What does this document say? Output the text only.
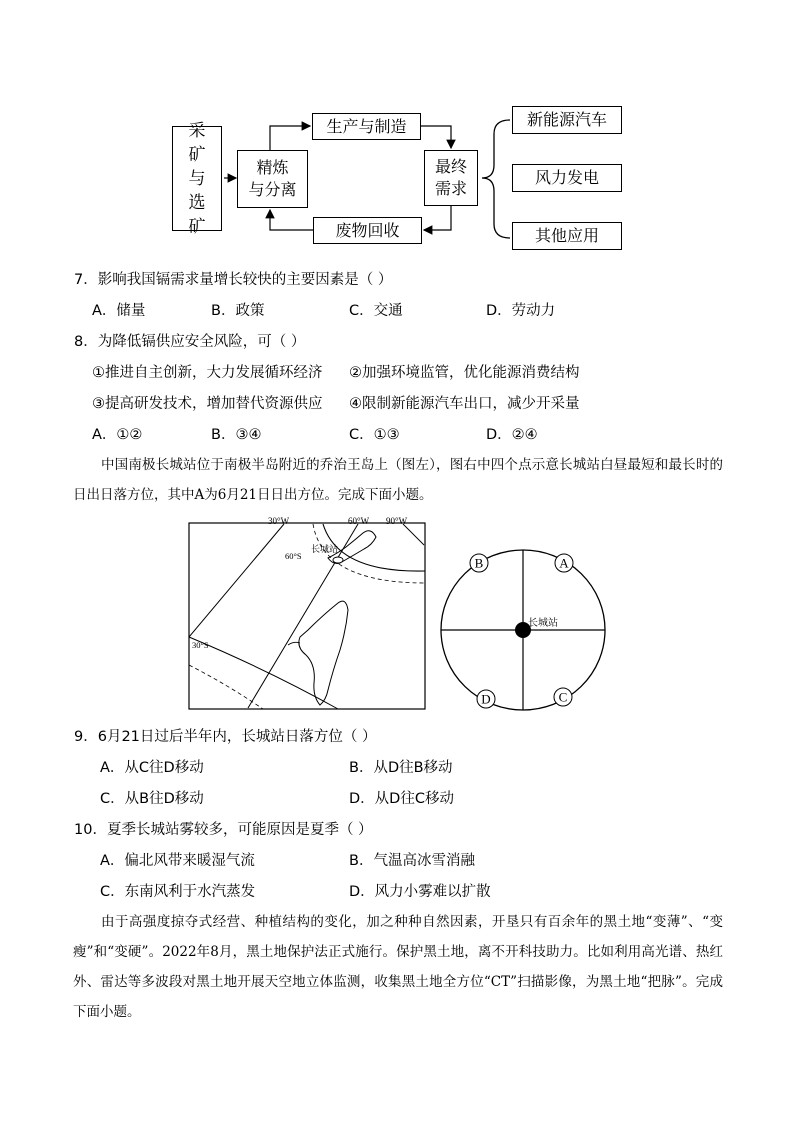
采矿与选矿
精炼
与分离
生产与制造
废物回收
最终
需求
新能源汽车
风力发电
其他应用
7．影响我国镉需求量增长较快的主要因素是（ ）
A．储量	B．政策	C．交通	D．劳动力
8．为降低镉供应安全风险，可（ ）
①推进自主创新，大力发展循环经济 ②加强环境监管，优化能源消费结构
③提高研发技术，增加替代资源供应 ④限制新能源汽车出口，减少开采量
A．①②	B．③④	C．①③	D．②④
中国南极长城站位于南极半岛附近的乔治王岛上（图左），图右中四个点示意长城站白昼最短和最长时的日出日落方位，其中A为6月21日日出方位。完成下面小题。
30°W	60°W 90°W
60°S
30°S
长城站
长城站
B	A
D	C
9．6月21日过后半年内，长城站日落方位（ ）
A．从C往D移动	B．从D往B移动
C．从B往D移动	D．从D往C移动
10．夏季长城站雾较多，可能原因是夏季（ ）
A．偏北风带来暖湿气流	B．气温高冰雪消融
C．东南风利于水汽蒸发	D．风力小雾难以扩散
由于高强度掠夺式经营、种植结构的变化，加之种种自然因素，开垦只有百余年的黑土地“变薄”、“变瘦”和“变硬”。2022年8月，黑土地保护法正式施行。保护黑土地，离不开科技助力。比如利用高光谱、热红外、雷达等多波段对黑土地开展天空地立体监测，收集黑土地全方位“CT”扫描影像，为黑土地“把脉”。完成下面小题。
